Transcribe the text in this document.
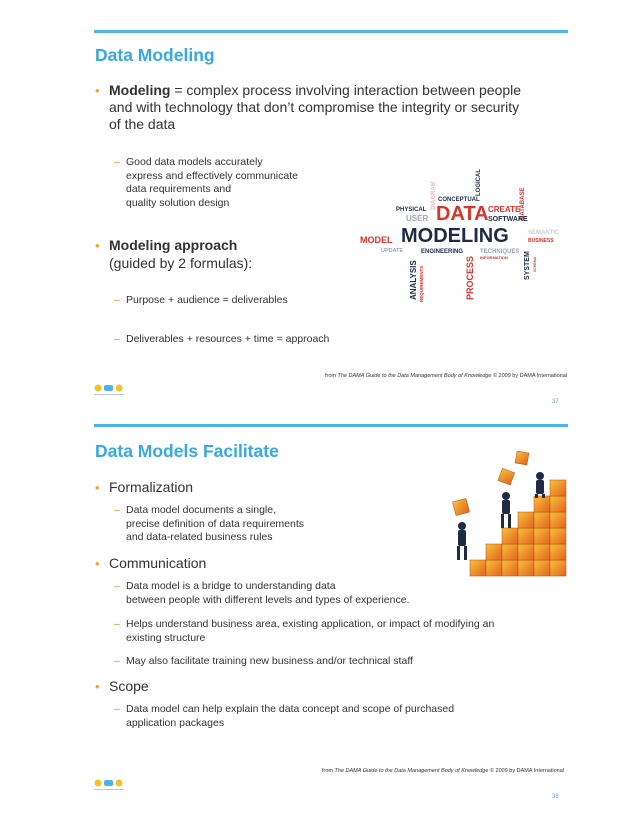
Data Modeling
• Modeling = complex process involving interaction between people
and with technology that don’t compromise the integrity or security
of the data
– Good data models accurately
express and effectively communicate
data requirements and
quality solution design
• Modeling approach
(guided by 2 formulas):
– Purpose + audience = deliverables
– Deliverables + resources + time = approach
DIAGRAM CONCEPTUAL
LOGICAL
DATABASE
PHYSICAL
USER DATA CREATE
SOFTWARE
MODEL MODELING	SEMANTIC
BUSINESS
UPDATE	ENGINEERING	TECHNIQUES
INFORMATION
ANALYSIS REQUIREMENTS	PROCESS	SYSTEM SCHEMA
from The DAMA Guide to the Data Management Body of Knowledge © 2009 by DAMA International
37
Data Models Facilitate
• Formalization
– Data model documents a single,
precise definition of data requirements
and data-related business rules
• Communication
– Data model is a bridge to understanding data
between people with different levels and types of experience.
– Helps understand business area, existing application, or impact of modifying an
existing structure
– May also facilitate training new business and/or technical staff
• Scope
– Data model can help explain the data concept and scope of purchased
application packages
from The DAMA Guide to the Data Management Body of Knowledge © 2009 by DAMA International
38
